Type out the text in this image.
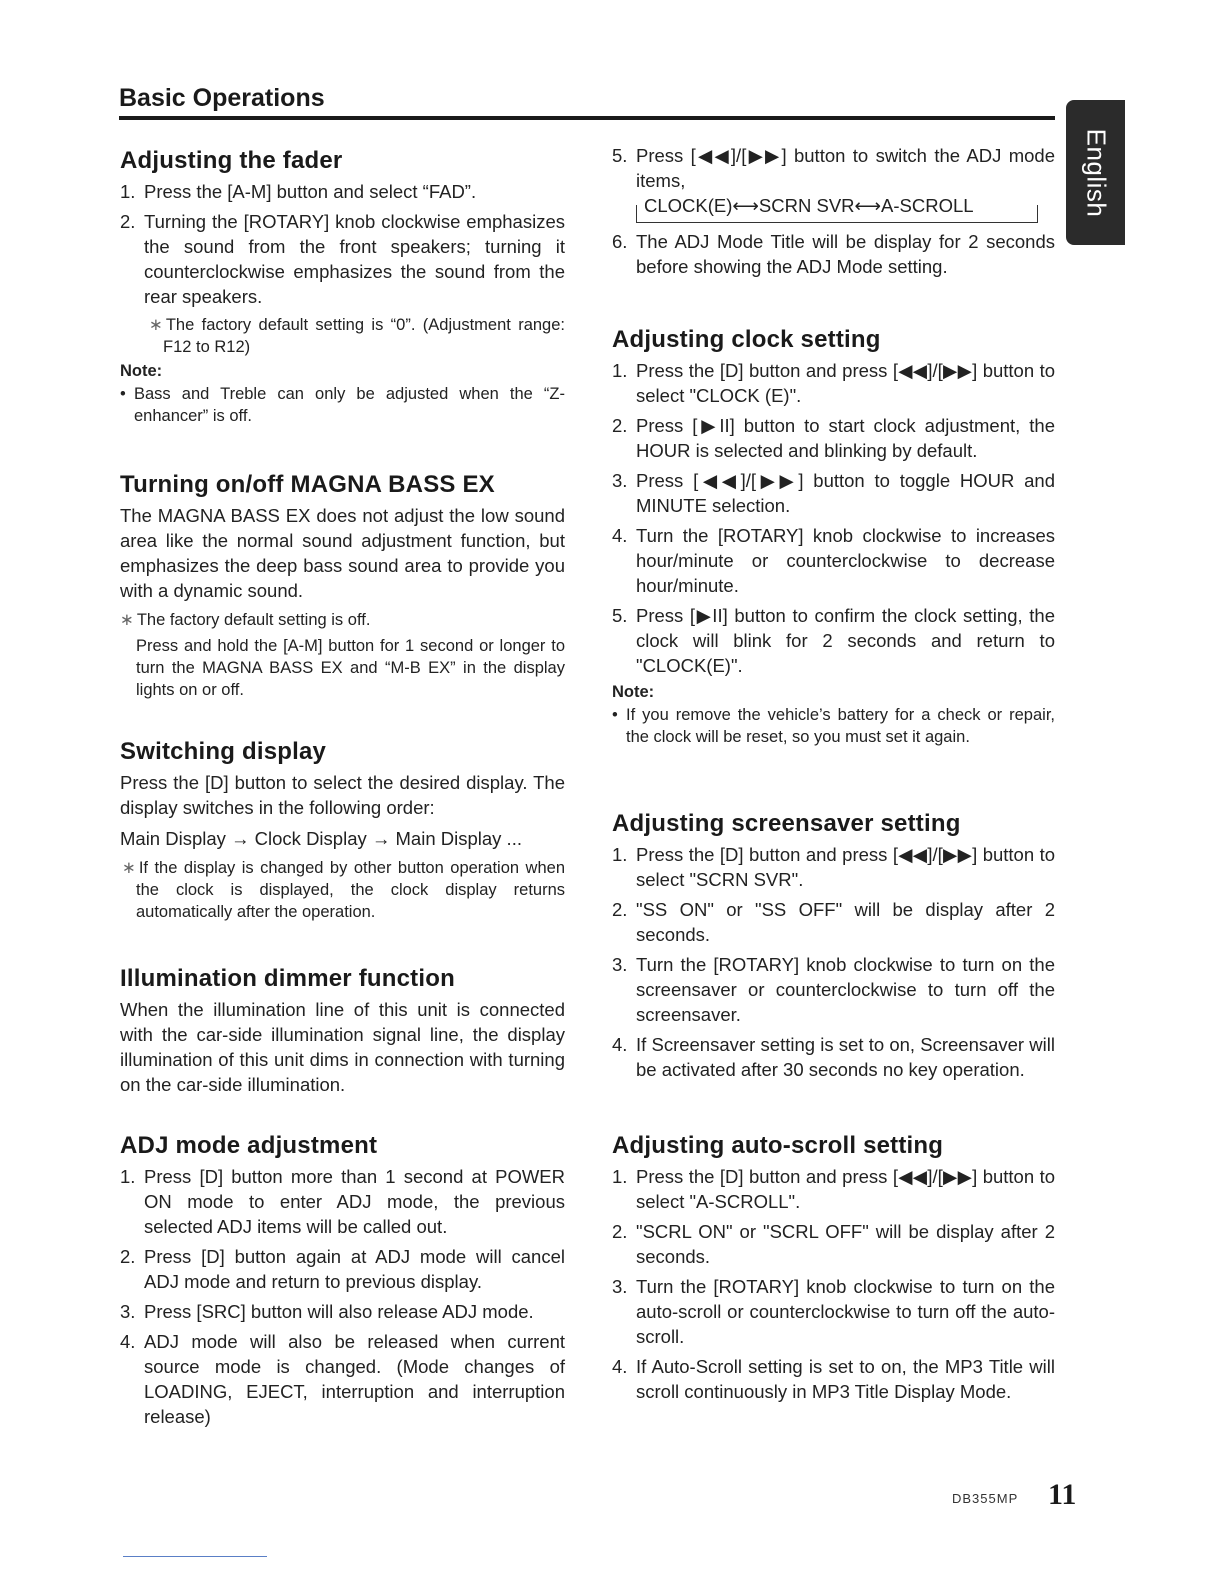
Basic Operations
English
Adjusting the fader
1. Press the [A-M] button and select “FAD”.
2. Turning the [ROTARY] knob clockwise emphasizes the sound from the front speakers; turning it counterclockwise emphasizes the sound from the rear speakers.

∗ The factory default setting is “0”. (Adjustment range: F12 to R12)

Note:
• Bass and Treble can only be adjusted when the “Z-enhancer” is off.
Turning on/off MAGNA BASS EX

The MAGNA BASS EX does not adjust the low sound area like the normal sound adjustment function, but emphasizes the deep bass sound area to provide you with a dynamic sound.

∗ The factory default setting is off.

Press and hold the [A-M] button for 1 second or longer to turn the MAGNA BASS EX and “M-B EX” in the display lights on or off.

Switching display

Press the [D] button to select the desired display. The display switches in the following order:

Main Display → Clock Display → Main Display ...

∗ If the display is changed by other button operation when the clock is displayed, the clock display returns automatically after the operation.

Illumination dimmer function

When the illumination line of this unit is connected with the car-side illumination signal line, the display illumination of this unit dims in connection with turning on the car-side illumination.

ADJ mode adjustment
1. Press [D] button more than 1 second at POWER ON mode to enter ADJ mode, the previous selected ADJ items will be called out.
2. Press [D] button again at ADJ mode will cancel ADJ mode and return to previous display.
3. Press [SRC] button will also release ADJ mode.
4. ADJ mode will also be released when current source mode is changed. (Mode changes of LOADING, EJECT, interruption and interruption release)
5. Press [◀◀]/[▶▶] button to switch the ADJ mode items,
CLOCK(E)⟷SCRN SVR⟷A-SCROLL
6. The ADJ Mode Title will be display for 2 seconds before showing the ADJ Mode setting.
Adjusting clock setting
1. Press the [D] button and press [◀◀]/[▶▶] button to select "CLOCK (E)".
2. Press [▶II] button to start clock adjustment, the HOUR is selected and blinking by default.
3. Press [◀◀]/[▶▶] button to toggle HOUR and MINUTE selection.
4. Turn the [ROTARY] knob clockwise to increases hour/minute or counterclockwise to decrease hour/minute.
5. Press [▶II] button to confirm the clock setting, the clock will blink for 2 seconds and return to "CLOCK(E)".
Note:
• If you remove the vehicle’s battery for a check or repair, the clock will be reset, so you must set it again.
Adjusting screensaver setting
1. Press the [D] button and press [◀◀]/[▶▶] button to select "SCRN SVR".
2. "SS ON" or "SS OFF" will be display after 2 seconds.
3. Turn the [ROTARY] knob clockwise to turn on the screensaver or counterclockwise to turn off the screensaver.
4. If Screensaver setting is set to on, Screensaver will be activated after 30 seconds no key operation.
Adjusting auto-scroll setting
1. Press the [D] button and press [◀◀]/[▶▶] button to select "A-SCROLL".
2. "SCRL ON" or "SCRL OFF" will be display after 2 seconds.
3. Turn the [ROTARY] knob clockwise to turn on the auto-scroll or counterclockwise to turn off the auto-scroll.
4. If Auto-Scroll setting is set to on, the MP3 Title will scroll continuously in MP3 Title Display Mode.
DB355MP 11
